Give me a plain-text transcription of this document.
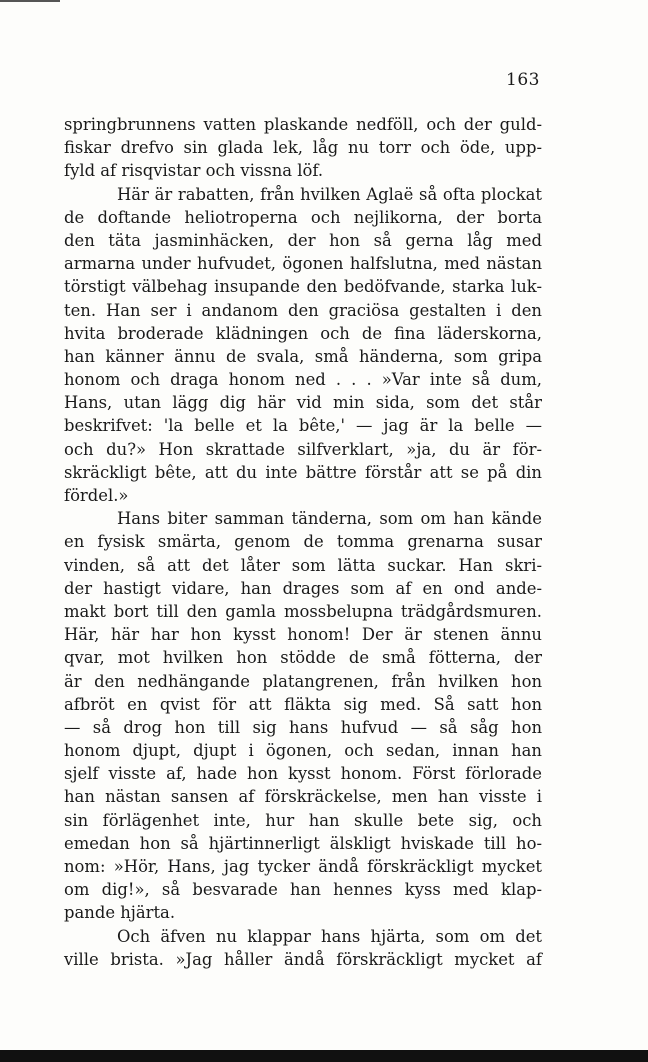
163
springbrunnens vatten plaskande nedföll, och der guld-
fiskar drefvo sin glada lek, låg nu torr och öde, upp-
fyld af risqvistar och vissna löf.
Här är rabatten, från hvilken Aglaë så ofta plockat
de doftande heliotroperna och nejlikorna, der borta
den täta jasminhäcken, der hon så gerna låg med
armarna under hufvudet, ögonen halfslutna, med nästan
törstigt välbehag insupande den bedöfvande, starka luk-
ten. Han ser i andanom den graciösa gestalten i den
hvita broderade klädningen och de fina läderskorna,
han känner ännu de svala, små händerna, som gripa
honom och draga honom ned . . . »Var inte så dum,
Hans, utan lägg dig här vid min sida, som det står
beskrifvet: 'la belle et la bête,' — jag är la belle —
och du?» Hon skrattade silfverklart, »ja, du är för-
skräckligt bête, att du inte bättre förstår att se på din
fördel.»
Hans biter samman tänderna, som om han kände
en fysisk smärta, genom de tomma grenarna susar
vinden, så att det låter som lätta suckar. Han skri-
der hastigt vidare, han drages som af en ond ande-
makt bort till den gamla mossbelupna trädgårdsmuren.
Här, här har hon kysst honom! Der är stenen ännu
qvar, mot hvilken hon stödde de små fötterna, der
är den nedhängande platangrenen, från hvilken hon
afbröt en qvist för att fläkta sig med. Så satt hon
— så drog hon till sig hans hufvud — så såg hon
honom djupt, djupt i ögonen, och sedan, innan han
sjelf visste af, hade hon kysst honom. Först förlorade
han nästan sansen af förskräckelse, men han visste i
sin förlägenhet inte, hur han skulle bete sig, och
emedan hon så hjärtinnerligt älskligt hviskade till ho-
nom: »Hör, Hans, jag tycker ändå förskräckligt mycket
om dig!», så besvarade han hennes kyss med klap-
pande hjärta.
Och äfven nu klappar hans hjärta, som om det
ville brista. »Jag håller ändå förskräckligt mycket af
